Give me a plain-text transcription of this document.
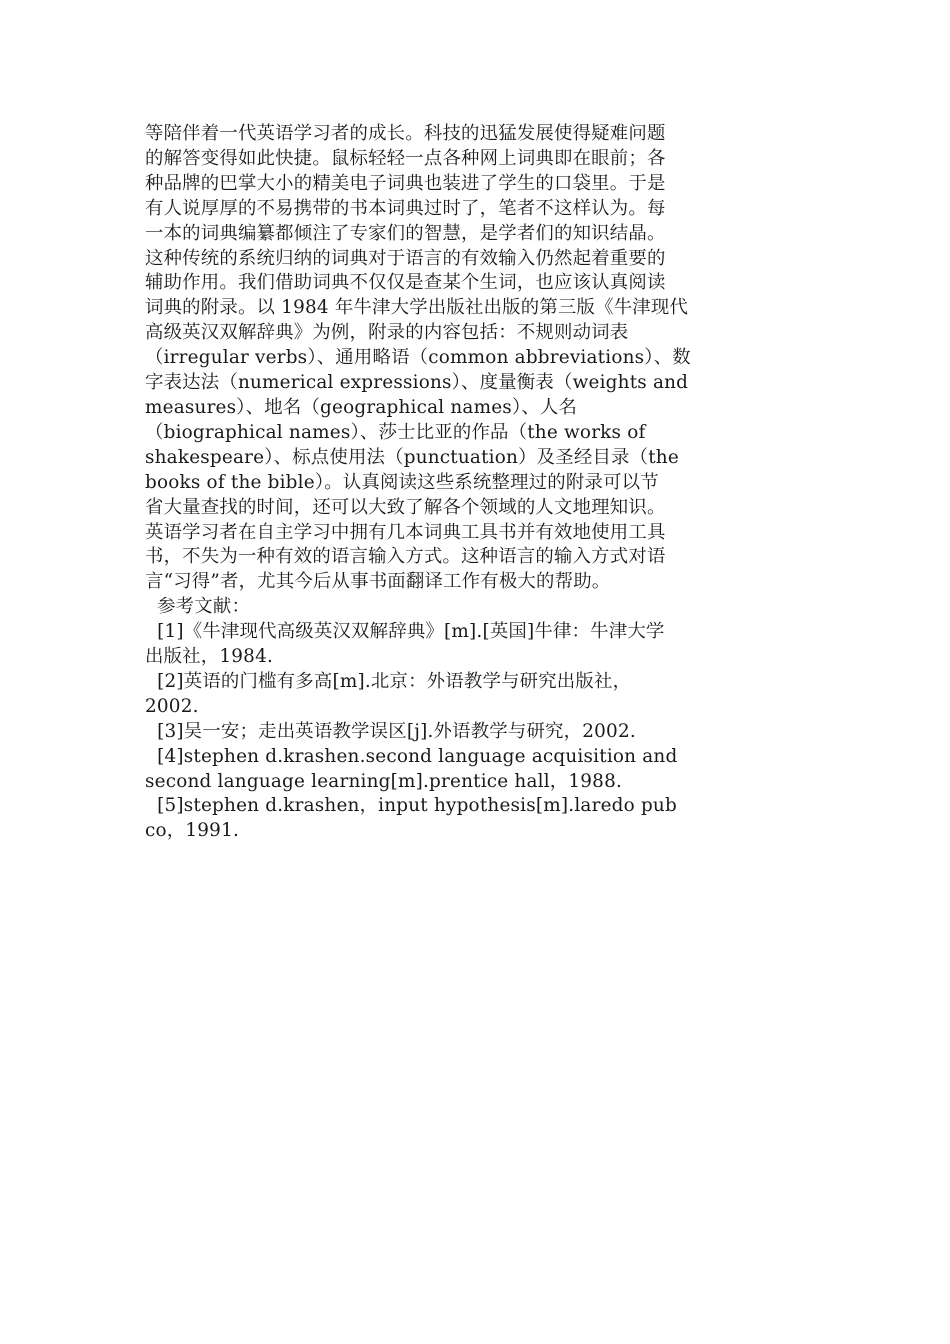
等陪伴着一代英语学习者的成长。科技的迅猛发展使得疑难问题
的解答变得如此快捷。鼠标轻轻一点各种网上词典即在眼前；各
种品牌的巴掌大小的精美电子词典也装进了学生的口袋里。于是
有人说厚厚的不易携带的书本词典过时了，笔者不这样认为。每
一本的词典编纂都倾注了专家们的智慧，是学者们的知识结晶。
这种传统的系统归纳的词典对于语言的有效输入仍然起着重要的
辅助作用。我们借助词典不仅仅是查某个生词，也应该认真阅读
词典的附录。以 1984 年牛津大学出版社出版的第三版《牛津现代
高级英汉双解辞典》为例，附录的内容包括：不规则动词表
（irregular verbs）、通用略语（common abbreviations）、数
字表达法（numerical expressions）、度量衡表（weights and
measures）、地名（geographical names）、人名
（biographical names）、莎士比亚的作品（the works of
shakespeare）、标点使用法（punctuation）及圣经目录（the
books of the bible）。认真阅读这些系统整理过的附录可以节
省大量查找的时间，还可以大致了解各个领域的人文地理知识。
英语学习者在自主学习中拥有几本词典工具书并有效地使用工具
书，不失为一种有效的语言输入方式。这种语言的输入方式对语
言“习得”者，尤其今后从事书面翻译工作有极大的帮助。
参考文献：
[1]《牛津现代高级英汉双解辞典》[m].[英国]牛律：牛津大学
出版社，1984.
[2]英语的门槛有多高[m].北京：外语教学与研究出版社，
2002.
[3]吴一安；走出英语教学误区[j].外语教学与研究，2002.
[4]stephen d.krashen.second language acquisition and
second language learning[m].prentice hall，1988.
[5]stephen d.krashen，input hypothesis[m].laredo pub
co，1991.
